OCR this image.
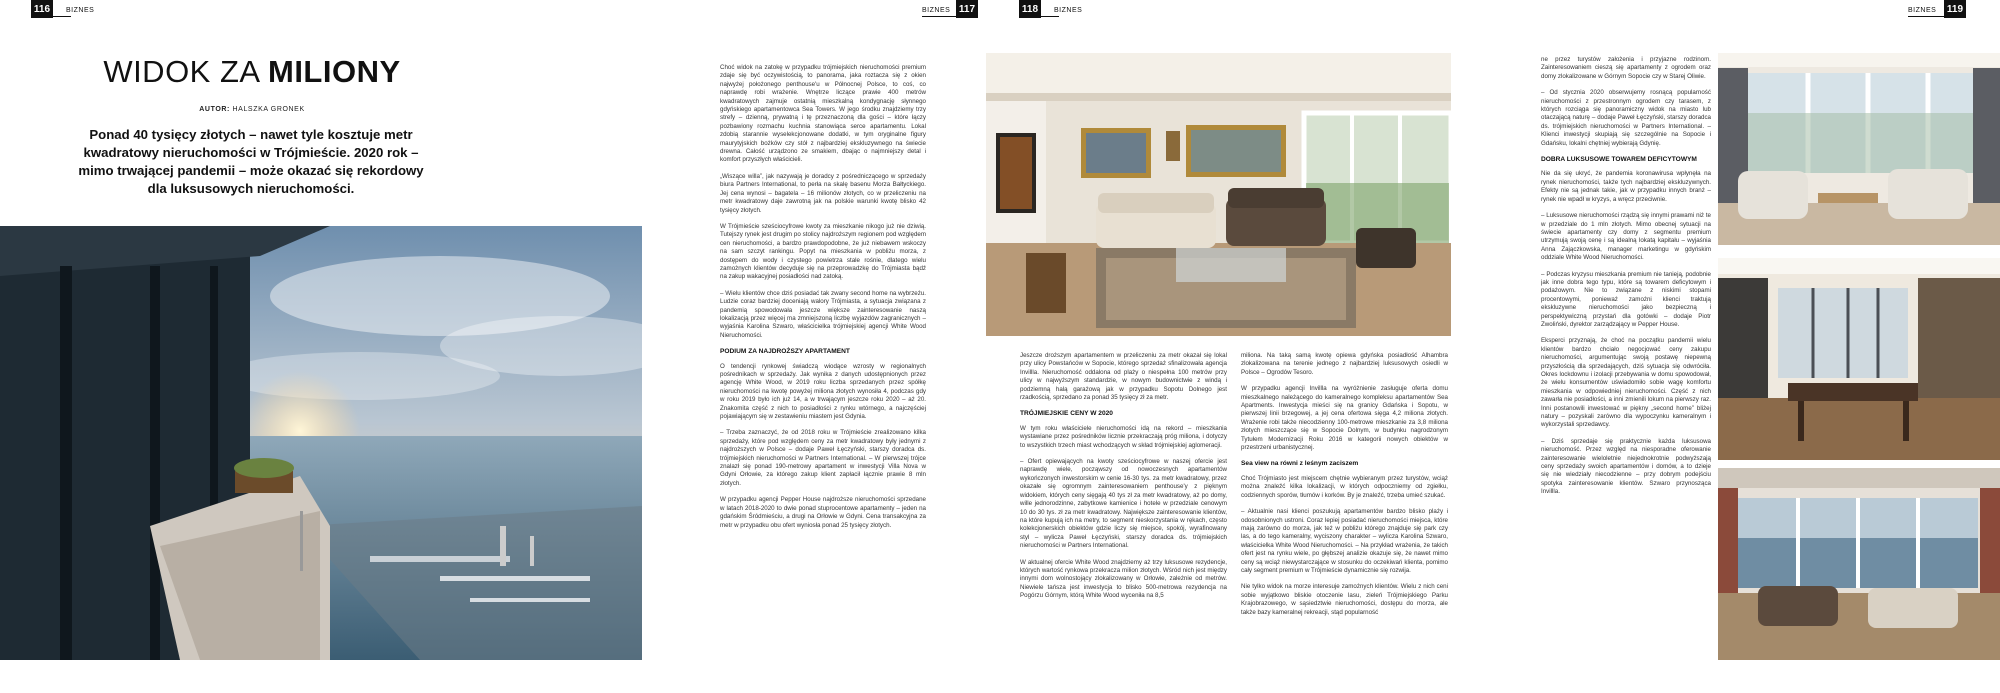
116	BIZNES	BIZNES 117	118	BIZNES	BIZNES 119
WIDOK ZA MILIONY
AUTOR: HALSZKA GRONEK
Ponad 40 tysięcy złotych – nawet tyle kosztuje metr kwadratowy nieruchomości w Trójmieście. 2020 rok – mimo trwającej pandemii – może okazać się rekordowy dla luksusowych nieruchomości.

Choć widok na zatokę w przypadku trójmiejskich nieruchomości premium zdaje się być oczywistością, to panorama, jaka roztacza się z okien najwyżej położonego penthouse'u w Północnej Polsce, to coś, co naprawdę robi wrażenie. Wnętrze liczące prawie 400 metrów kwadratowych zajmuje ostatnią mieszkalną kondygnację słynnego gdyńskiego apartamentowca Sea Towers. W jego środku znajdziemy trzy strefy – dzienną, prywatną i tę przeznaczoną dla gości – które łączy pozbawiony rozmachu kuchnia stanowiąca serce apartamentu. Lokal zdobią starannie wyselekcjonowane dodatki, w tym oryginalne figury maurytyjskich bożków czy stół z najbardziej ekskluzywnego na świecie drewna. Całość urządzono ze smakiem, dbając o najmniejszy detal i komfort przyszłych właścicieli.

„Wiszące willa”, jak nazywają je doradcy z pośredniczącego w sprzedaży biura Partners International, to perła na skalę basenu Morza Bałtyckiego. Jej cena wynosi – bagatela – 16 milionów złotych, co w przeliczeniu na metr kwadratowy daje zawrotną jak na polskie warunki kwotę blisko 42 tysięcy złotych.

W Trójmieście sześciocyfrowe kwoty za mieszkanie nikogo już nie dziwią. Tutejszy rynek jest drugim po stolicy najdroższym regionem pod względem cen nieruchomości, a bardzo prawdopodobne, że już niebawem wskoczy na sam szczyt rankingu. Popyt na mieszkania w pobliżu morza, z dostępem do wody i czystego powietrza stale rośnie, dlatego wielu zamożnych klientów decyduje się na przeprowadzkę do Trójmiasta bądź na zakup wakacyjnej posiadłości nad zatoką.

– Wielu klientów chce dziś posiadać tak zwany second home na wybrzeżu. Ludzie coraz bardziej doceniają walory Trójmiasta, a sytuacja związana z pandemią spowodowała jeszcze większe zainteresowanie naszą lokalizacją przez więcej ma zmniejszoną liczbę wyjazdów zagranicznych – wyjaśnia Karolina Szwaro, właścicielka trójmiejskiej agencji White Wood Nieruchomości.

PODIUM ZA NAJDROŻSZY APARTAMENT

O tendencji rynkowej świadczą wiodące wzrosty w regionalnych pośrednikach w sprzedaży. Jak wynika z danych udostępnionych przez agencję White Wood, w 2019 roku liczba sprzedanych przez spółkę nieruchomości na kwotę powyżej miliona złotych wynosiła 4, podczas gdy w roku 2019 było ich już 14, a w trwającym jeszcze roku 2020 – aż 20. Znakomita część z nich to posiadłości z rynku wtórnego, a najczęściej pojawiającym się w zestawieniu miastem jest Gdynia.

– Trzeba zaznaczyć, że od 2018 roku w Trójmieście zrealizowano kilka sprzedaży, które pod względem ceny za metr kwadratowy były jednymi z najdroższych w Polsce – dodaje Paweł Łęczyński, starszy doradca ds. trójmiejskich nieruchomości w Partners International. – W pierwszej trójce znalazł się ponad 190-metrowy apartament w inwestycji Villa Nova w Gdyni Orłowie, za którego zakup klient zapłacił łącznie prawie 8 mln złotych.

W przypadku agencji Pepper House najdroższe nieruchomości sprzedane w latach 2018-2020 to dwie ponad stuprocentowe apartamenty – jeden na gdańskim Śródmieściu, a drugi na Orłowie w Gdyni. Cena transakcyjna za metr w przypadku obu ofert wyniosła ponad 25 tysięcy złotych.

Jeszcze droższym apartamentem w przeliczeniu za metr okazał się lokal przy ulicy Powstańców w Sopocie, którego sprzedaż sfinalizowała agencja Invillla. Nieruchomość oddalona od plaży o niespełna 100 metrów przy ulicy w najwyższym standardzie, w nowym budownictwie z windą i podziemną halą garażową jak w przypadku Sopotu Dolnego jest rzadkością, sprzedano za ponad 35 tysięcy zł za metr.

TRÓJMIEJSKIE CENY W 2020

W tym roku właściciele nieruchomości idą na rekord – mieszkania wystawiane przez pośredników licznie przekraczają próg miliona, i dotyczy to wszystkich trzech miast wchodzących w skład trójmiejskiej aglomeracji.

– Ofert opiewających na kwoty sześciocyfrowe w naszej ofercie jest naprawdę wiele, począwszy od nowoczesnych apartamentów wykończonych inwestorskim w cenie 16-30 tys. za metr kwadratowy, przez okazałe się ogromnym zainteresowaniem penthouse'y z pięknym widokiem, których ceny sięgają 40 tys zł za metr kwadratowy, aż po domy, wille jednorodzinne, zabytkowe kamienice i hotele w przedziale cenowym 10 do 30 tys. zł za metr kwadratowy. Największe zainteresowanie klientów, na które kupują ich na metry, to segment nieskorzystania w rękach, często kolekcjonerskich obiektów gdzie liczy się miejsce, spokój, wyrafinowany styl – wylicza Paweł Łęczyński, starszy doradca ds. trójmiejskich nieruchomości w Partners International.

W aktualnej ofercie White Wood znajdziemy aż trzy luksusowe rezydencje, których wartość rynkowa przekracza milion złotych. Wśród nich jest między innymi dom wolnostojący zlokalizowany w Orłowie, zależnie od metrów. Niewiele tańsza jest inwestycja to blisko 500-metrowa rezydencja na Pogórzu Górnym, którą White Wood wyceniła na 8,5

miliona. Na taką samą kwotę opiewa gdyńska posiadłość Alhambra zlokalizowana na terenie jednego z najbardziej luksusowych osiedli w Polsce – Ogrodów Tesoro.

W przypadku agencji Invillla na wyróżnienie zasługuje oferta domu mieszkalnego należącego do kameralnego kompleksu apartamentów Sea Apartments. Inwestycja mieści się na granicy Gdańska i Sopotu, w pierwszej linii brzegowej, a jej cena ofertowa sięga 4,2 miliona złotych. Wrażenie robi także niecodzienny 100-metrowe mieszkanie za 3,8 miliona złotych mieszczące się w Sopocie Dolnym, w budynku nagrodzonym Tytułem Modernizacji Roku 2016 w kategorii nowych obiektów w przestrzeni urbanistycznej.

Sea view na równi z leśnym zaciszem

Choć Trójmiasto jest miejscem chętnie wybieranym przez turystów, wciąż można znaleźć kilka lokalizacji, w których odpoczniemy od zgiełku, codziennych sporów, tłumów i korków. By je znaleźć, trzeba umieć szukać.

– Aktualnie nasi klienci poszukują apartamentów bardzo blisko plaży i odosobnionych ustroni. Coraz lepiej posiadać nieruchomości miejsca, które mają zarówno do morza, jak też w pobliżu którego znajduje się park czy las, a do tego kameralny, wyciszony charakter – wylicza Karolina Szwaro, właścicielka White Wood Nieruchomości. – Na przykład wrażenia, że takich ofert jest na rynku wiele, po głębszej analizie okazuje się, że nawet mimo ceny są wciąż niewystarczające w stosunku do oczekiwań klienta, pomimo cały segment premium w Trójmieście dynamicznie się rozwija.

Nie tylko widok na morze interesuje zamożnych klientów. Wielu z nich ceni sobie wyjątkowo bliskie otoczenie lasu, zieleń Trójmiejskiego Parku Krajobrazowego, w sąsiedztwie nieruchomości, dostępu do morza, ale także bazy kameralnej rekreacji, stąd popularność

ne przez turystów założenia i przyjazne rodzinom. Zainteresowaniem cieszą się apartamenty z ogrodem oraz domy zlokalizowane w Górnym Sopocie czy w Starej Oliwie.

– Od stycznia 2020 obserwujemy rosnącą popularność nieruchomości z przestronnym ogrodem czy tarasem, z których rozciąga się panoramiczny widok na miasto lub otaczającą naturę – dodaje Paweł Łęczyński, starszy doradca ds. trójmiejskich nieruchomości w Partners International. – Klienci inwestycji skupiają się szczególnie na Sopocie i Gdańsku, lokalni chętniej wybierają Gdynię.

DOBRA LUKSUSOWE TOWAREM DEFICYTOWYM

Nie da się ukryć, że pandemia koronawirusa wpłynęła na rynek nieruchomości, także tych najbardziej ekskluzywnych. Efekty nie są jednak takie, jak w przypadku innych branż – rynek nie wpadł w kryzys, a wręcz przeciwnie.

– Luksusowe nieruchomości rządzą się innymi prawami niż te w przedziale do 1 mln złotych. Mimo obecnej sytuacji na świecie apartamenty czy domy z segmentu premium utrzymują swoją cenę i są idealną lokatą kapitału – wyjaśnia Anna Zajączkowska, manager marketingu w gdyńskim oddziale White Wood Nieruchomości.

– Podczas kryzysu mieszkania premium nie tanieją, podobnie jak inne dobra tego typu, które są towarem deficytowym i podażowym. Nie to związane z niskimi stopami procentowymi, ponieważ zamożni klienci traktują ekskluzywne nieruchomości jako bezpieczną i perspektywiczną przystań dla gotówki – dodaje Piotr Zwoliński, dyrektor zarządzający w Pepper House.

Eksperci przyznają, że choć na początku pandemii wielu klientów bardzo chciało negocjować ceny zakupu nieruchomości, argumentując swoją postawę niepewną przyszłością dla sprzedających, dziś sytuacja się odwróciła. Okres lockdownu i izolacji przebywania w domu spowodował, że wielu konsumentów uświadomiło sobie wagę komfortu mieszkania w odpowiedniej nieruchomości. Część z nich zawarła nie posiadłości, a inni zmienili lokum na pierwszy raz. Inni postanowili inwestować w piękny „second home” bliżej natury – pozyskali zarówno dla wypoczynku kameralnym i wykorzystali sprzedawcy.

– Dziś sprzedaje się praktycznie każda luksusowa nieruchomość. Przez względ na niesporadne oferowanie zainteresowanie wieloletnie niejednokrotnie podwyższają ceny sprzedaży swoich apartamentów i domów, a to dzieje się nie wiedziały niecodzienne – przy dobrym podejściu spotyka zainteresowanie klientów. Szwaro przynosząca Invillla.
